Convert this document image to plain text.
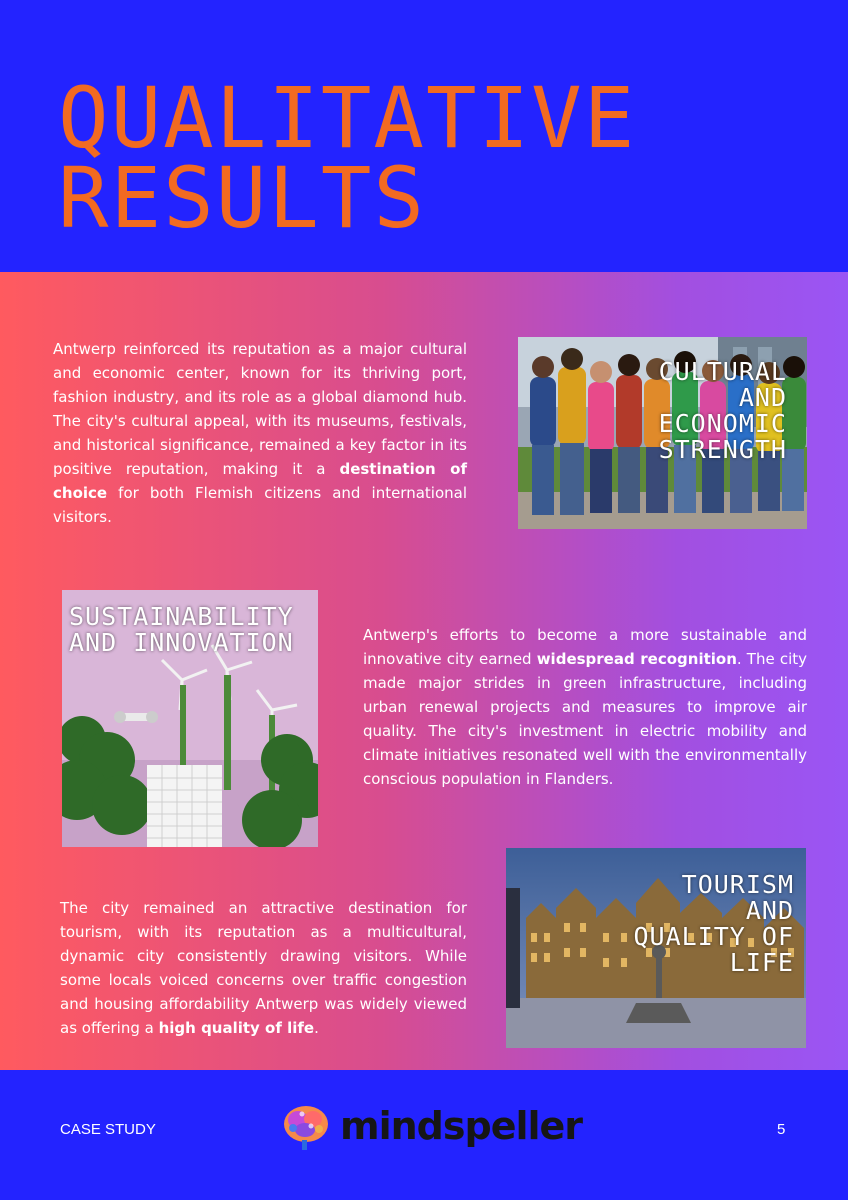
QUALITATIVE
RESULTS

Antwerp reinforced its reputation as a major cultural and economic center, known for its thriving port, fashion industry, and its role as a global diamond hub. The city's cultural appeal, with its museums, festivals, and historical significance, remained a key factor in its positive reputation, making it a destination of choice for both Flemish citizens and international visitors.

CULTURAL
AND
ECONOMIC
STRENGTH
SUSTAINABILITY
AND INNOVATION	Antwerp's efforts to become a more sustainable and innovative city earned widespread recognition. The city made major strides in green infrastructure, including urban renewal projects and measures to improve air quality. The city's investment in electric mobility and climate initiatives resonated well with the environmentally conscious population in Flanders.

The city remained an attractive destination for tourism, with its reputation as a multicultural, dynamic city consistently drawing visitors. While some locals voiced concerns over traffic congestion and housing affordability Antwerp was widely viewed as offering a high quality of life.

TOURISM
AND
QUALITY OF
LIFE
CASE STUDY	mindspeller	5
